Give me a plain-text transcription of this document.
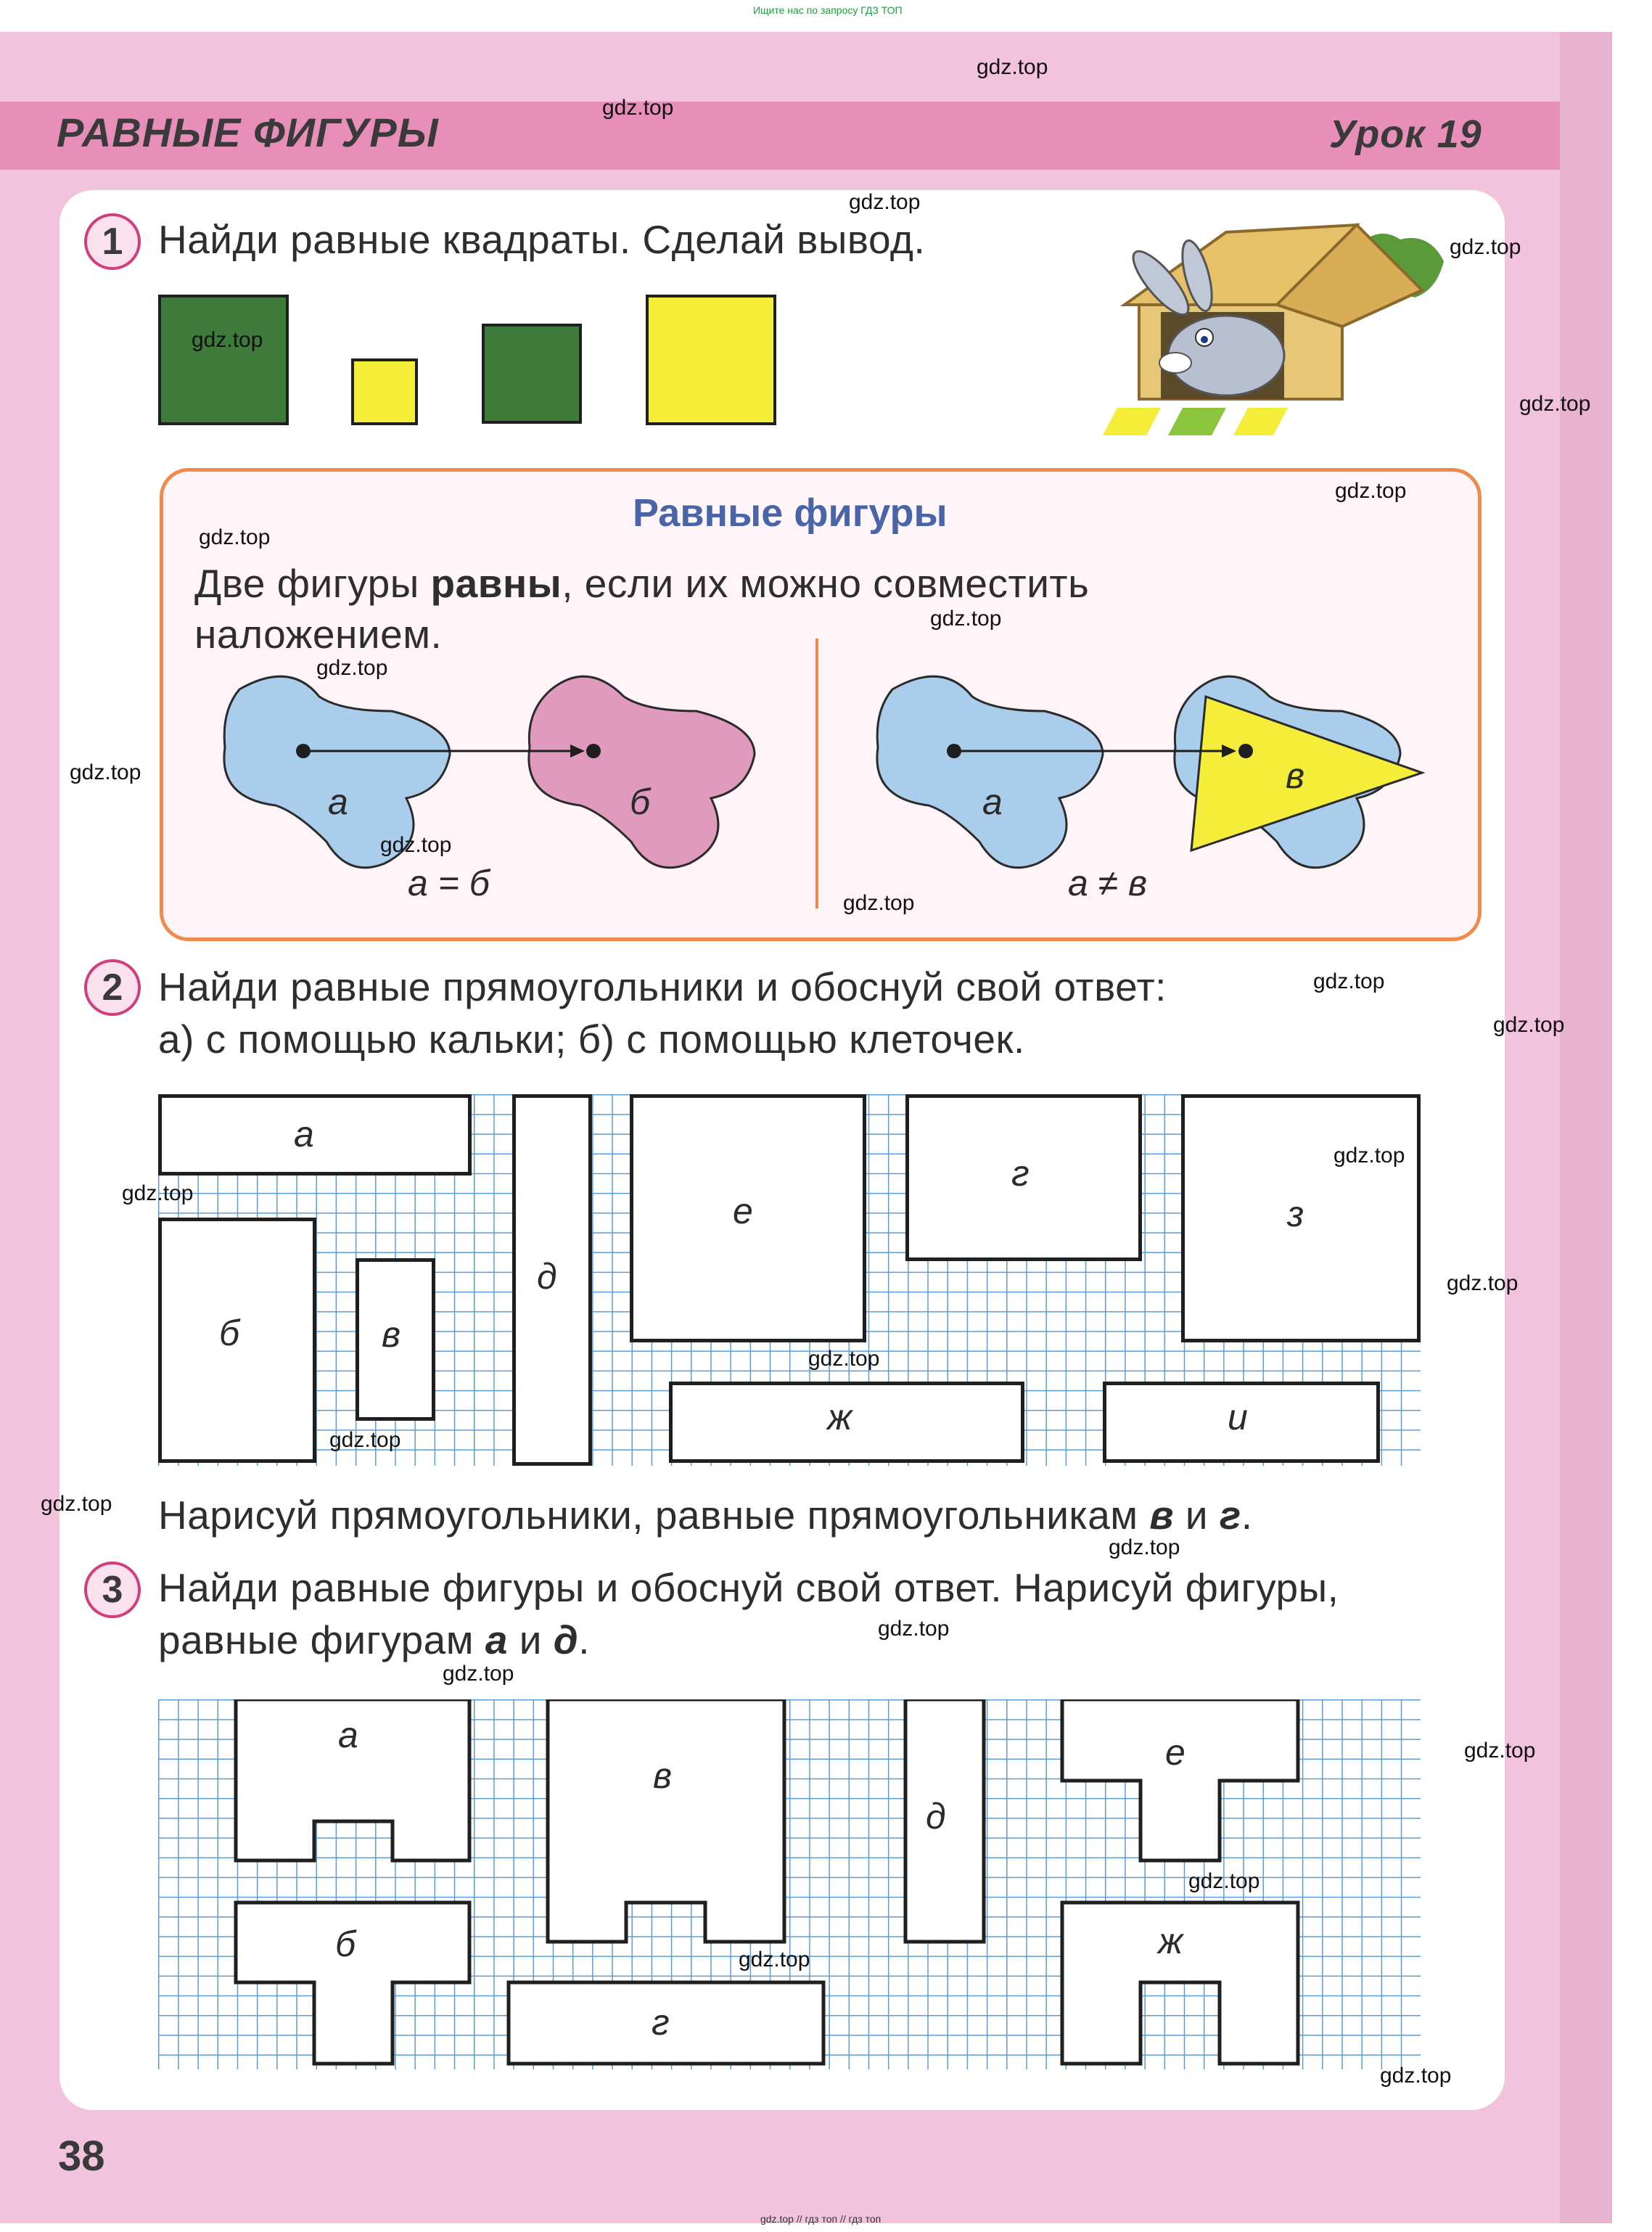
Ищите нас по запросу ГДЗ ТОП
РАВНЫЕ ФИГУРЫ	Урок 19
1 Найди равные квадраты. Сделай вывод.
Равные фигуры
Две фигуры равны, если их можно совместить
наложением.
а	б
а = б
а
в
а ≠ в
2 Найди равные прямоугольники и обоснуй свой ответ:
а) с помощью кальки; б) с помощью клеточек.
а
б	в
д
е
г
з
ж	и
Нарисуй прямоугольники, равные прямоугольникам в и г.
3 Найди равные фигуры и обоснуй свой ответ. Нарисуй фигуры,
равные фигурам а и д.
а
б
в
г
д
е
ж
38
gdz.top
gdz.top
gdz.top
gdz.top
gdz.top
gdz.top
gdz.top
gdz.top
gdz.top
gdz.top
gdz.top
gdz.top
gdz.top
gdz.top
gdz.top
gdz.top
gdz.top
gdz.top
gdz.top
gdz.top
gdz.top
gdz.top
gdz.top
gdz.top
gdz.top
gdz.top
gdz.top
gdz.top
gdz.top // гдз топ // гдз топ
